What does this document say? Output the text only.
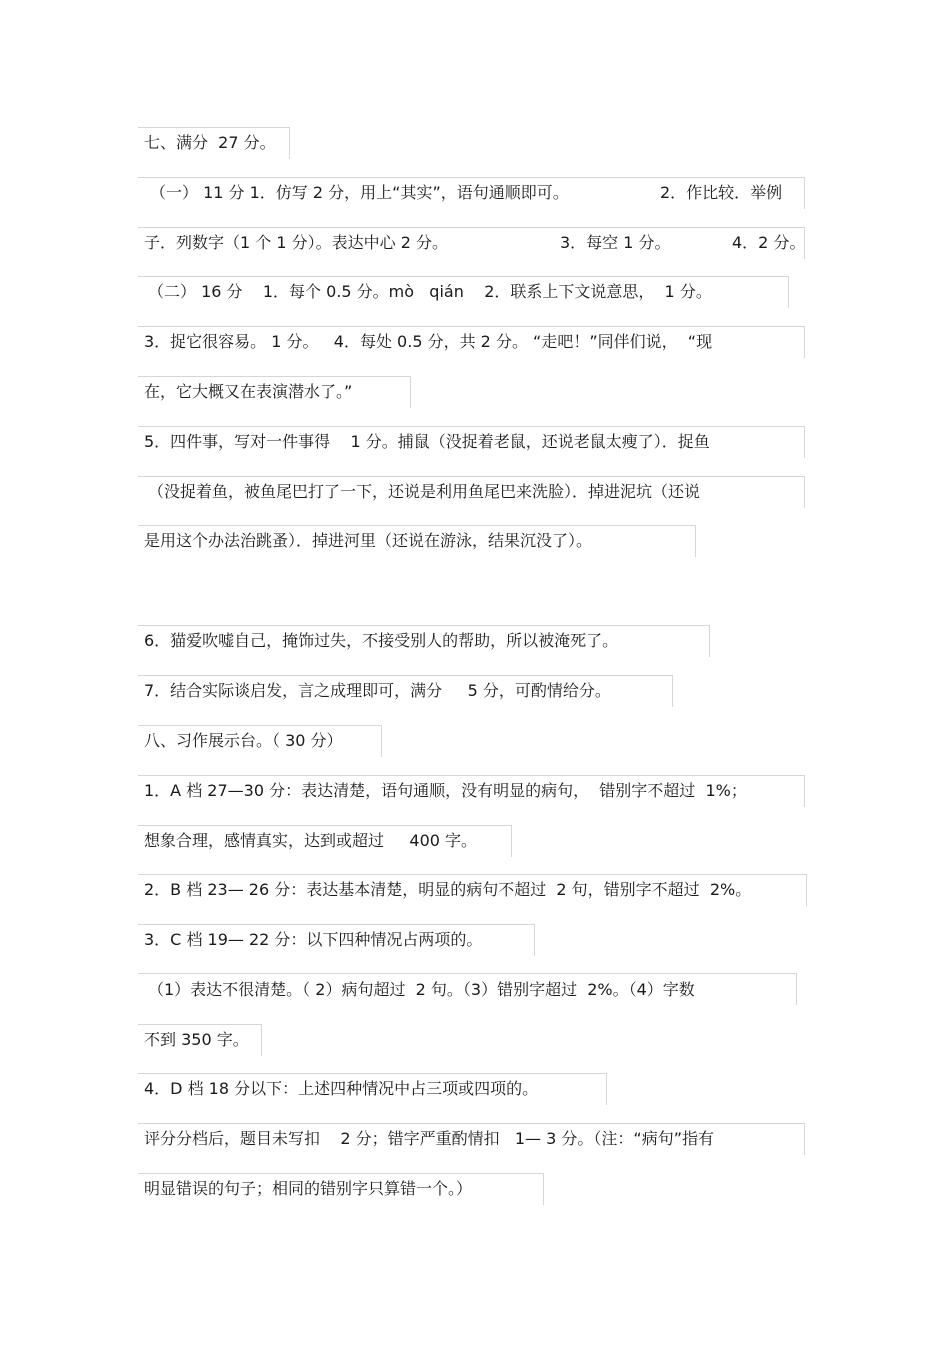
七、满分  27 分。

（一） 11 分 1．仿写 2 分，用上“其实”，语句通顺即可。

	2．作比较．举例

子．列数字（1 个 1 分）。表达中心 2 分。

	3．每空 1 分。

	4．2 分。

（二） 16 分    1．每个 0.5 分。mò   qián    2．联系上下文说意思，  1 分。
3．捉它很容易。 1 分。   4．每处 0.5 分，共 2 分。 “走吧！”同伴们说，  “现
在，它大概又在表演潜水了。”
5．四件事，写对一件事得    1 分。捕鼠（没捉着老鼠，还说老鼠太瘦了）．捉鱼
（没捉着鱼，被鱼尾巴打了一下，还说是利用鱼尾巴来洗脸）．掉进泥坑（还说
是用这个办法治跳蚤）．掉进河里（还说在游泳，结果沉没了）。
6．猫爱吹嘘自己，掩饰过失，不接受别人的帮助，所以被淹死了。
7．结合实际谈启发，言之成理即可，满分     5 分，可酌情给分。
八、习作展示台。（ 30 分）
1．A 档 27—30 分：表达清楚，语句通顺，没有明显的病句，  错别字不超过  1%；
想象合理，感情真实，达到或超过     400 字。
2．B 档 23— 26 分：表达基本清楚，明显的病句不超过  2 句，错别字不超过  2%。
3．C 档 19— 22 分：以下四种情况占两项的。
（1）表达不很清楚。（ 2）病句超过  2 句。（3）错别字超过  2%。（4）字数
不到 350 字。
4．D 档 18 分以下：上述四种情况中占三项或四项的。
评分分档后，题目未写扣    2 分；错字严重酌情扣   1— 3 分。（注：“病句”指有
明显错误的句子；相同的错别字只算错一个。）
